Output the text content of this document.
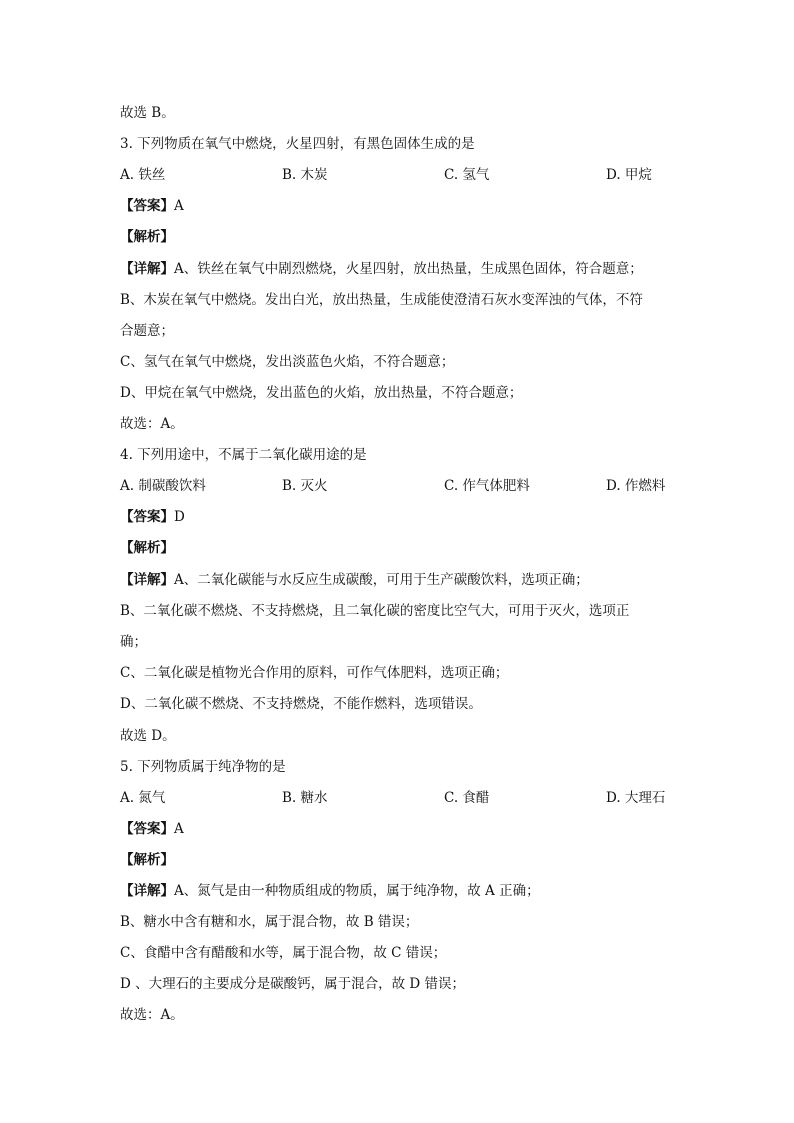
故选 B。
3. 下列物质在氧气中燃烧，火星四射，有黑色固体生成的是
A. 铁丝	B. 木炭	C. 氢气	D. 甲烷
【答案】A
【解析】
【详解】A、铁丝在氧气中剧烈燃烧，火星四射，放出热量，生成黑色固体，符合题意；
B、木炭在氧气中燃烧。发出白光，放出热量，生成能使澄清石灰水变浑浊的气体，不符
合题意；
C、氢气在氧气中燃烧，发出淡蓝色火焰，不符合题意；
D、甲烷在氧气中燃烧，发出蓝色的火焰，放出热量，不符合题意；
故选：A。
4. 下列用途中，不属于二氧化碳用途的是
A. 制碳酸饮料	B. 灭火	C. 作气体肥料	D. 作燃料
【答案】D
【解析】
【详解】A、二氧化碳能与水反应生成碳酸，可用于生产碳酸饮料，选项正确；
B、二氧化碳不燃烧、不支持燃烧，且二氧化碳的密度比空气大，可用于灭火，选项正
确；
C、二氧化碳是植物光合作用的原料，可作气体肥料，选项正确；
D、二氧化碳不燃烧、不支持燃烧，不能作燃料，选项错误。
故选 D。
5. 下列物质属于纯净物的是
A. 氮气	B. 糖水	C. 食醋	D. 大理石
【答案】A
【解析】
【详解】A、氮气是由一种物质组成的物质，属于纯净物，故 A 正确；
B、糖水中含有糖和水，属于混合物，故 B 错误；
C、食醋中含有醋酸和水等，属于混合物，故 C 错误；
D 、大理石的主要成分是碳酸钙，属于混合，故 D 错误；
故选：A。
